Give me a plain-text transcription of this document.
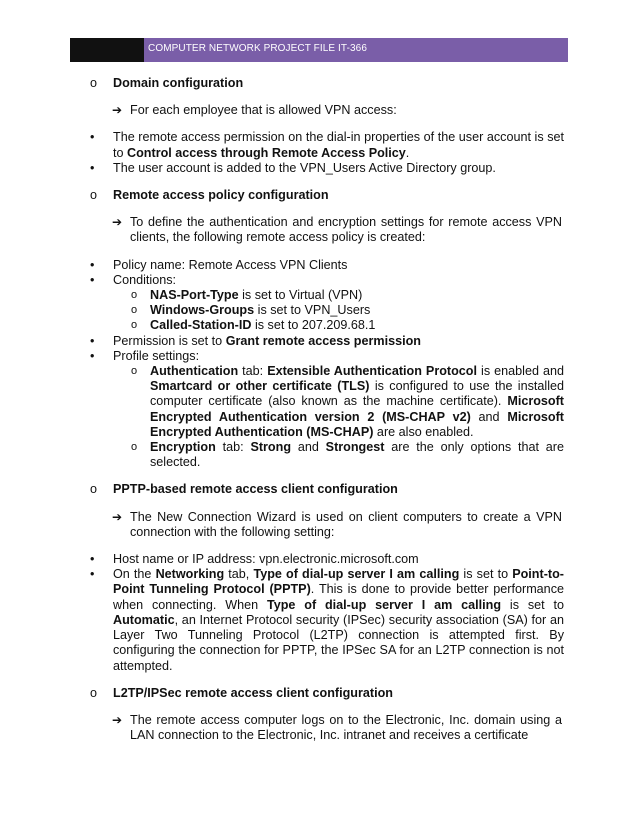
COMPUTER NETWORK PROJECT FILE IT-366

o Domain configuration

➔ For each employee that is allowed VPN access:

• The remote access permission on the dial-in properties of the user account is set to Control access through Remote Access Policy.

• The user account is added to the VPN_Users Active Directory group.

o Remote access policy configuration

➔ To define the authentication and encryption settings for remote access VPN clients, the following remote access policy is created:

• Policy name: Remote Access VPN Clients

• Conditions:

o NAS-Port-Type is set to Virtual (VPN)

o Windows-Groups is set to VPN_Users

o Called-Station-ID is set to 207.209.68.1

• Permission is set to Grant remote access permission

• Profile settings:

o Authentication tab: Extensible Authentication Protocol is enabled and Smartcard or other certificate (TLS) is configured to use the installed computer certificate (also known as the machine certificate). Microsoft Encrypted Authentication version 2 (MS-CHAP v2) and Microsoft Encrypted Authentication (MS-CHAP) are also enabled.

o Encryption tab: Strong and Strongest are the only options that are selected.

o PPTP-based remote access client configuration

➔ The New Connection Wizard is used on client computers to create a VPN connection with the following setting:

• Host name or IP address: vpn.electronic.microsoft.com

• On the Networking tab, Type of dial-up server I am calling is set to Point-to-Point Tunneling Protocol (PPTP). This is done to provide better performance when connecting. When Type of dial-up server I am calling is set to Automatic, an Internet Protocol security (IPSec) security association (SA) for an Layer Two Tunneling Protocol (L2TP) connection is attempted first. By configuring the connection for PPTP, the IPSec SA for an L2TP connection is not attempted.

o L2TP/IPSec remote access client configuration

➔ The remote access computer logs on to the Electronic, Inc. domain using a LAN connection to the Electronic, Inc. intranet and receives a certificate
